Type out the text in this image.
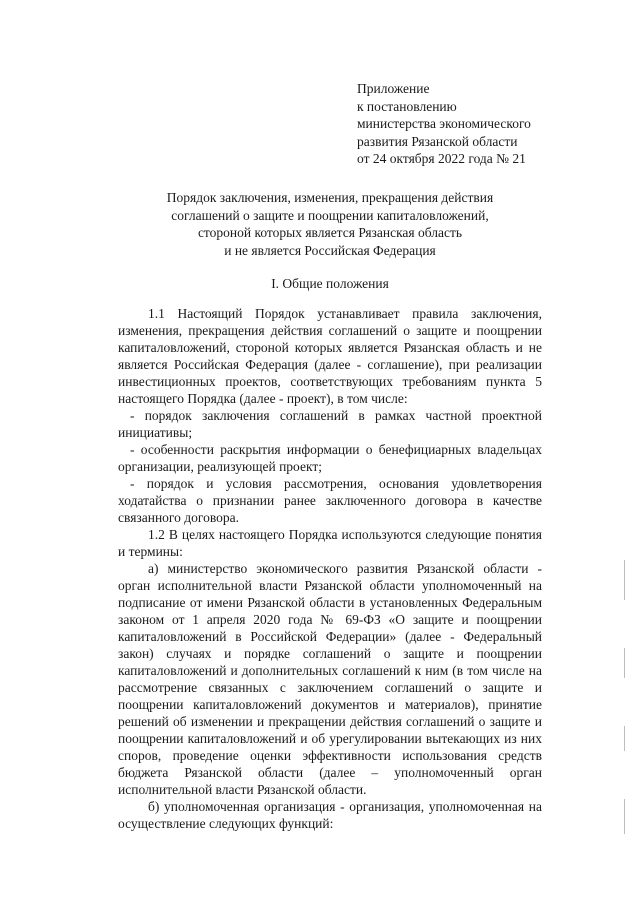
Приложение
к постановлению
министерства экономического
развития Рязанской области
от 24 октября 2022 года № 21
Порядок заключения, изменения, прекращения действия
соглашений о защите и поощрении капиталовложений,
стороной которых является Рязанская область
и не является Российская Федерация
I. Общие положения

1.1 Настоящий Порядок устанавливает правила заключения, изменения, прекращения действия соглашений о защите и поощрении капиталовложений, стороной которых является Рязанская область и не является Российская Федерация (далее - соглашение), при реализации инвестиционных проектов, соответствующих требованиям пункта 5 настоящего Порядка (далее - проект), в том числе:

- порядок заключения соглашений в рамках частной проектной инициативы;

- особенности раскрытия информации о бенефициарных владельцах организации, реализующей проект;

- порядок и условия рассмотрения, основания удовлетворения ходатайства о признании ранее заключенного договора в качестве связанного договора.

1.2 В целях настоящего Порядка используются следующие понятия и термины:

а) министерство экономического развития Рязанской области - орган исполнительной власти Рязанской области уполномоченный на подписание от имени Рязанской области в установленных Федеральным законом от 1 апреля 2020 года № 69-ФЗ «О защите и поощрении капиталовложений в Российской Федерации» (далее - Федеральный закон) случаях и порядке соглашений о защите и поощрении капиталовложений и дополнительных соглашений к ним (в том числе на рассмотрение связанных с заключением соглашений о защите и поощрении капиталовложений документов и материалов), принятие решений об изменении и прекращении действия соглашений о защите и поощрении капиталовложений и об урегулировании вытекающих из них споров, проведение оценки эффективности использования средств бюджета Рязанской области (далее – уполномоченный орган исполнительной власти Рязанской области.

б) уполномоченная организация - организация, уполномоченная на осуществление следующих функций:
